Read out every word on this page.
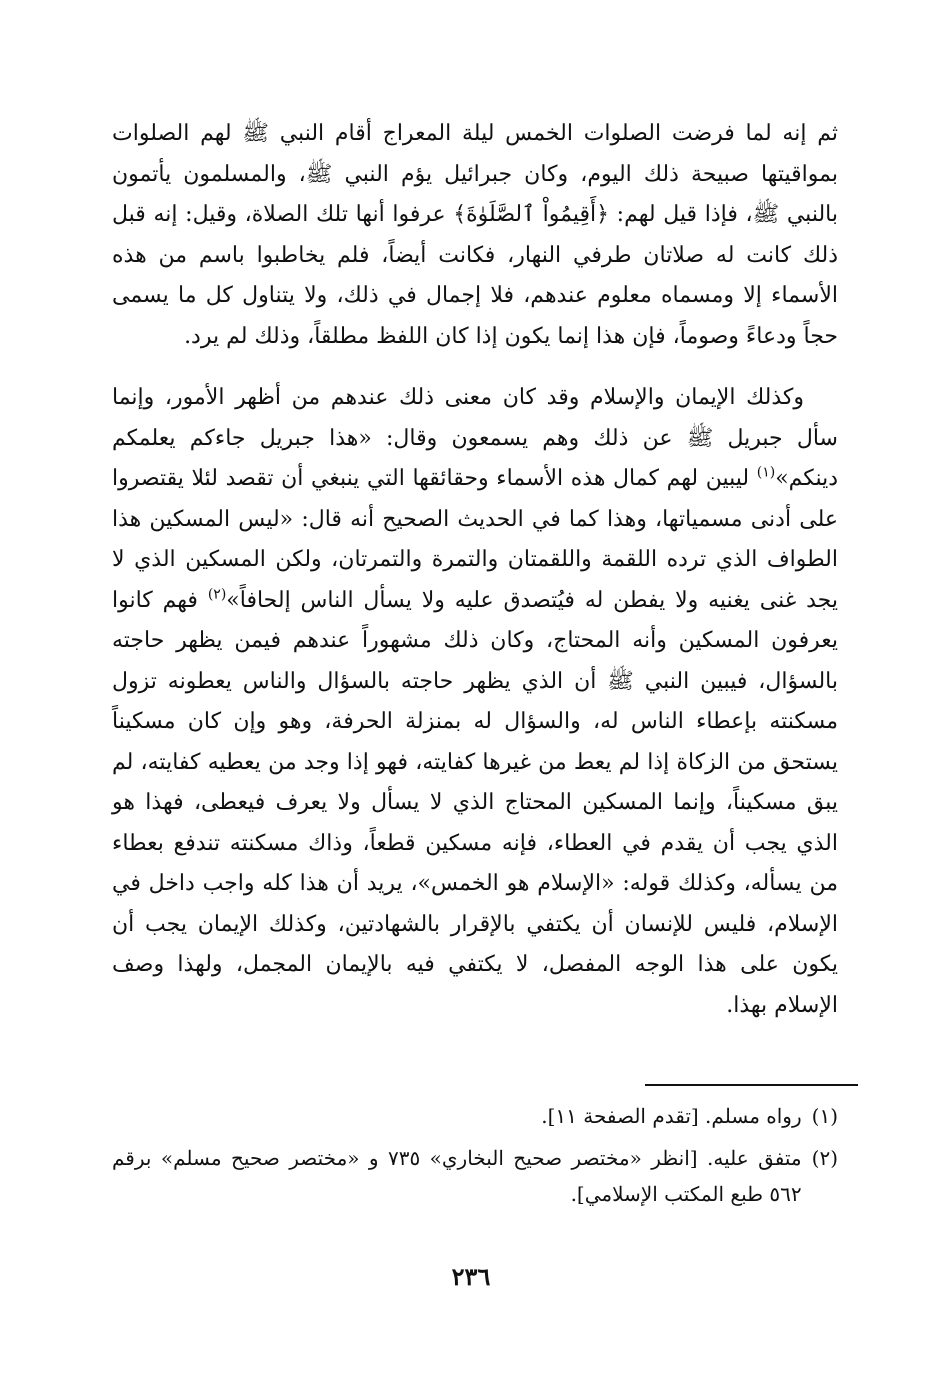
ثم إنه لما فرضت الصلوات الخمس ليلة المعراج أقام النبي ﷺ لهم الصلوات بمواقيتها صبيحة ذلك اليوم، وكان جبرائيل يؤم النبي ﷺ، والمسلمون يأتمون بالنبي ﷺ، فإذا قيل لهم: ﴿أَقِيمُواْ ٱلصَّلَوٰةَ﴾ عرفوا أنها تلك الصلاة، وقيل: إنه قبل ذلك كانت له صلاتان طرفي النهار، فكانت أيضاً، فلم يخاطبوا باسم من هذه الأسماء إلا ومسماه معلوم عندهم، فلا إجمال في ذلك، ولا يتناول كل ما يسمى حجاً ودعاءً وصوماً، فإن هذا إنما يكون إذا كان اللفظ مطلقاً، وذلك لم يرد.

وكذلك الإيمان والإسلام وقد كان معنى ذلك عندهم من أظهر الأمور، وإنما سأل جبريل ﷺ عن ذلك وهم يسمعون وقال: «هذا جبريل جاءكم يعلمكم دينكم»$^{(١)}$ ليبين لهم كمال هذه الأسماء وحقائقها التي ينبغي أن تقصد لئلا يقتصروا على أدنى مسمياتها، وهذا كما في الحديث الصحيح أنه قال: «ليس المسكين هذا الطواف الذي ترده اللقمة واللقمتان والتمرة والتمرتان، ولكن المسكين الذي لا يجد غنى يغنيه ولا يفطن له فيُتصدق عليه ولا يسأل الناس إلحافاً»$^{(٢)}$ فهم كانوا يعرفون المسكين وأنه المحتاج، وكان ذلك مشهوراً عندهم فيمن يظهر حاجته بالسؤال، فيبين النبي ﷺ أن الذي يظهر حاجته بالسؤال والناس يعطونه تزول مسكنته بإعطاء الناس له، والسؤال له بمنزلة الحرفة، وهو وإن كان مسكيناً يستحق من الزكاة إذا لم يعط من غيرها كفايته، فهو إذا وجد من يعطيه كفايته، لم يبق مسكيناً، وإنما المسكين المحتاج الذي لا يسأل ولا يعرف فيعطى، فهذا هو الذي يجب أن يقدم في العطاء، فإنه مسكين قطعاً، وذاك مسكنته تندفع بعطاء من يسأله، وكذلك قوله: «الإسلام هو الخمس»، يريد أن هذا كله واجب داخل في الإسلام، فليس للإنسان أن يكتفي بالإقرار بالشهادتين، وكذلك الإيمان يجب أن يكون على هذا الوجه المفصل، لا يكتفي فيه بالإيمان المجمل، ولهذا وصف الإسلام بهذا.

(١)
رواه مسلم. [تقدم الصفحة ١١].
(٢)
متفق عليه. [انظر «مختصر صحيح البخاري» ٧٣٥ و «مختصر صحيح مسلم» برقم ٥٦٢ طبع المكتب الإسلامي].
٢٣٦
